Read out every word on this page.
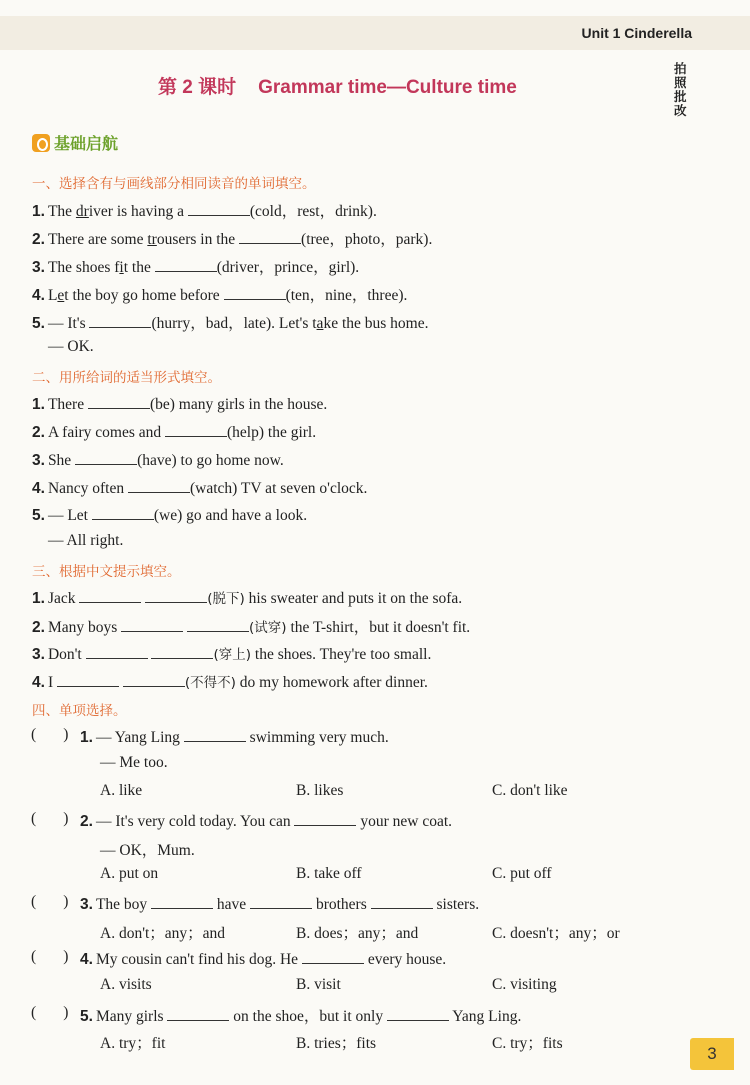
Unit 1 Cinderella
拍照批改
第 2 课时 Grammar time—Culture time
基础启航
一、选择含有与画线部分相同读音的单词填空。
1. The driver is having a	(cold，rest，drink).
2. There are some trousers in the	(tree，photo，park).
3. The shoes fit the	(driver，prince，girl).
4. Let the boy go home before	(ten，nine，three).
5. — It's	(hurry，bad，late). Let's take the bus home.
— OK.
二、用所给词的适当形式填空。
1. There	(be) many girls in the house.
2. A fairy comes and	(help) the girl.
3. She	(have) to go home now.
4. Nancy often	(watch) TV at seven o'clock.
5. — Let	(we) go and have a look.
— All right.
三、根据中文提示填空。
1. Jack	(脱下) his sweater and puts it on the sofa.
2. Many boys	(试穿) the T-shirt，but it doesn't fit.
3. Don't	(穿上) the shoes. They're too small.
4. I	(不得不) do my homework after dinner.
四、单项选择。
(       ) 1. — Yang Ling	swimming very much.
— Me too.
A. like	B. likes	C. don't like
(       ) 2. — It's very cold today. You can	your new coat.
— OK，Mum.
A. put on	B. take off	C. put off
(       ) 3. The boy	have	brothers	sisters.
A. don't；any；and	B. does；any；and	C. doesn't；any；or
(       ) 4. My cousin can't find his dog. He	every house.
A. visits	B. visit	C. visiting
(       ) 5. Many girls	on the shoe，but it only	Yang Ling.
A. try；fit	B. tries；fits	C. try；fits
3
